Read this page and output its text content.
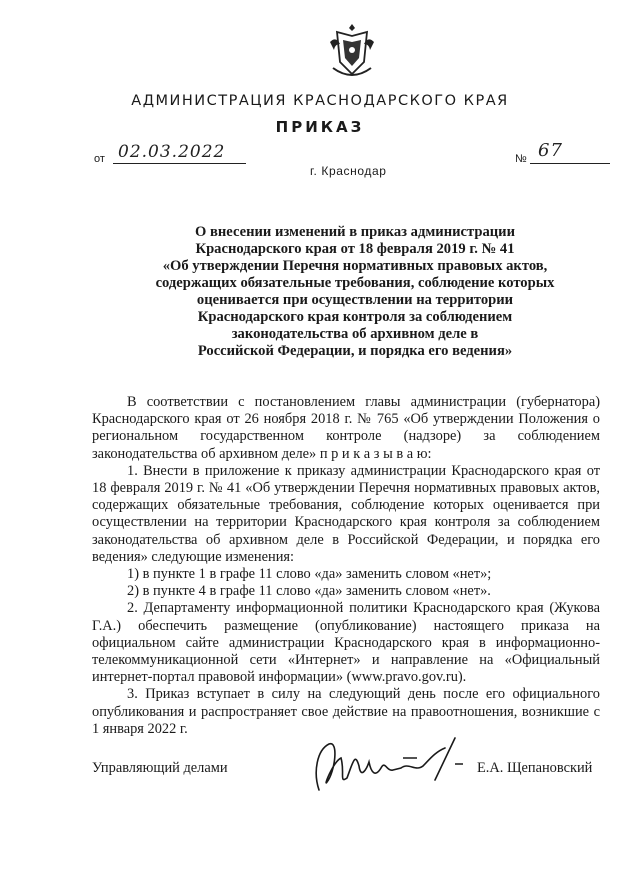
АДМИНИСТРАЦИЯ КРАСНОДАРСКОГО КРАЯ
ПРИКАЗ
от 02.03.2022
г. Краснодар
№ 67
О внесении изменений в приказ администрации
Краснодарского края от 18 февраля 2019 г. № 41
«Об утверждении Перечня нормативных правовых актов,
содержащих обязательные требования, соблюдение которых
оценивается при осуществлении на территории
Краснодарского края контроля за соблюдением
законодательства об архивном деле в
Российской Федерации, и порядка его ведения»

В соответствии с постановлением главы администрации (губернатора) Краснодарского края от 26 ноября 2018 г. № 765 «Об утверждении Положения о региональном государственном контроле (надзоре) за соблюдением законодательства об архивном деле» п р и к а з ы в а ю:

1. Внести в приложение к приказу администрации Краснодарского края от 18 февраля 2019 г. № 41 «Об утверждении Перечня нормативных правовых актов, содержащих обязательные требования, соблюдение которых оценивается при осуществлении на территории Краснодарского края контроля за соблюдением законодательства об архивном деле в Российской Федерации, и порядка его ведения» следующие изменения:

1) в пункте 1 в графе 11 слово «да» заменить словом «нет»;

2) в пункте 4 в графе 11 слово «да» заменить словом «нет».

2. Департаменту информационной политики Краснодарского края (Жукова Г.А.) обеспечить размещение (опубликование) настоящего приказа на официальном сайте администрации Краснодарского края в информационно-телекоммуникационной сети «Интернет» и направление на «Официальный интернет-портал правовой информации» (www.pravo.gov.ru).

3. Приказ вступает в силу на следующий день после его официального опубликования и распространяет свое действие на правоотношения, возникшие с 1 января 2022 г.

Управляющий делами	Е.А. Щепановский
